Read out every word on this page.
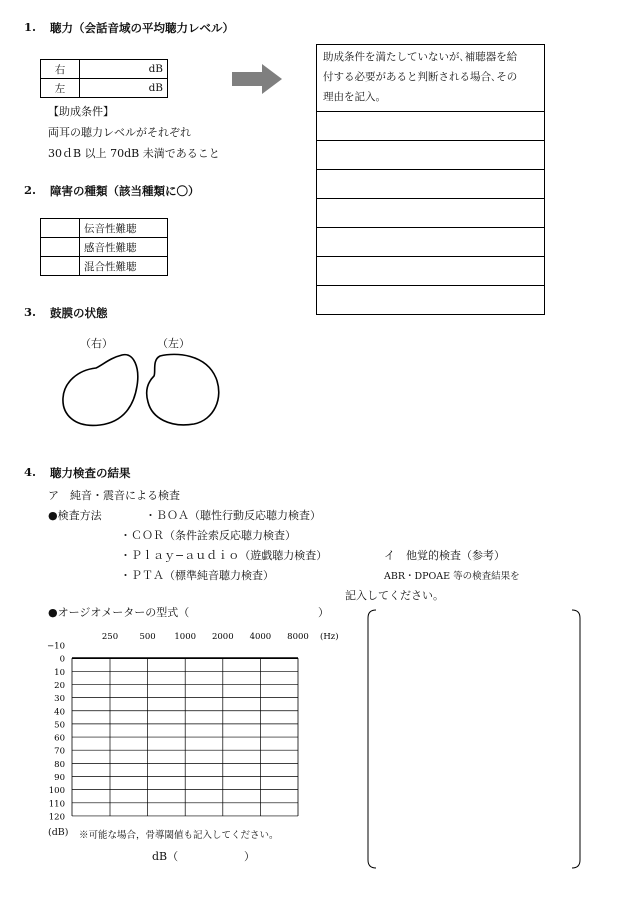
1. 聴力（会話音域の平均聴力レベル）
右	dB
左	dB
【助成条件】
両耳の聴力レベルがそれぞれ
30ｄB 以上 70dB 未満であること
助成条件を満たしていないが､補聴器を給
付する必要があると判断される場合､その
理由を記入。

2. 障害の種類（該当種類に〇）
	伝音性難聴
	感音性難聴
	混合性難聴
3. 鼓膜の状態
（右）	（左）
4. 聴力検査の結果
ア　純音・震音による検査
●検査方法	・ＢＯＡ（聴性行動反応聴力検査）
・ＣＯＲ（条件詮索反応聴力検査）
・Ｐｌａｙ−ａｕｄｉｏ（遊戯聴力検査）
・ＰＴＡ（標準純音聴力検査）
イ　他覚的検査（参考）
ABR・DPOAE 等の検査結果を
記入してください。
●オージオメーターの型式（	）
−10
0
10
20
30
40
50
60
70
80
90
100
110
120
250	500 1000 2000 4000 8000 (Hz)
(dB) ※可能な場合，骨導閾値も記入してください。
dB（	）
